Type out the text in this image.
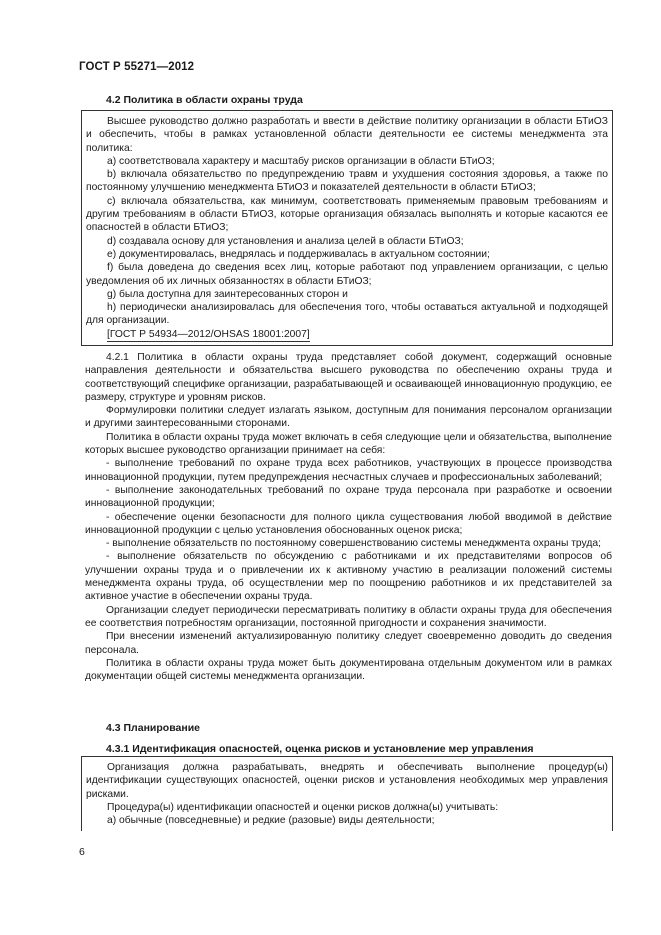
ГОСТ Р 55271—2012
4.2 Политика в области охраны труда

Высшее руководство должно разработать и ввести в действие политику организации в области БТиОЗ и обеспечить, чтобы в рамках установленной области деятельности ее системы менеджмента эта политика:

a) соответствовала характеру и масштабу рисков организации в области БТиОЗ;

b) включала обязательство по предупреждению травм и ухудшения состояния здоровья, а также по постоянному улучшению менеджмента БТиОЗ и показателей деятельности в области БТиОЗ;

c) включала обязательства, как минимум, соответствовать применяемым правовым требованиям и другим требованиям в области БТиОЗ, которые организация обязалась выполнять и которые касаются ее опасностей в области БТиОЗ;

d) создавала основу для установления и анализа целей в области БТиОЗ;

e) документировалась, внедрялась и поддерживалась в актуальном состоянии;

f) была доведена до сведения всех лиц, которые работают под управлением организации, с целью уведомления об их личных обязанностях в области БТиОЗ;

g) была доступна для заинтересованных сторон и

h) периодически анализировалась для обеспечения того, чтобы оставаться актуальной и подходящей для организации.

[ГОСТ Р 54934—2012/OHSAS 18001:2007]

4.2.1 Политика в области охраны труда представляет собой документ, содержащий основные направления деятельности и обязательства высшего руководства по обеспечению охраны труда и соответствующий специфике организации, разрабатывающей и осваивающей инновационную продукцию, ее размеру, структуре и уровням рисков.

Формулировки политики следует излагать языком, доступным для понимания персоналом организации и другими заинтересованными сторонами.

Политика в области охраны труда может включать в себя следующие цели и обязательства, выполнение которых высшее руководство организации принимает на себя:

- выполнение требований по охране труда всех работников, участвующих в процессе производства инновационной продукции, путем предупреждения несчастных случаев и профессиональных заболеваний;

- выполнение законодательных требований по охране труда персонала при разработке и освоении инновационной продукции;

- обеспечение оценки безопасности для полного цикла существования любой вводимой в действие инновационной продукции с целью установления обоснованных оценок риска;

- выполнение обязательств по постоянному совершенствованию системы менеджмента охраны труда;

- выполнение обязательств по обсуждению с работниками и их представителями вопросов об улучшении охраны труда и о привлечении их к активному участию в реализации положений системы менеджмента охраны труда, об осуществлении мер по поощрению работников и их представителей за активное участие в обеспечении охраны труда.

Организации следует периодически пересматривать политику в области охраны труда для обеспечения ее соответствия потребностям организации, постоянной пригодности и сохранения значимости.

При внесении изменений актуализированную политику следует своевременно доводить до сведения персонала.

Политика в области охраны труда может быть документирована отдельным документом или в рамках документации общей системы менеджмента организации.

4.3 Планирование
4.3.1 Идентификация опасностей, оценка рисков и установление мер управления

Организация должна разрабатывать, внедрять и обеспечивать выполнение процедур(ы) идентификации существующих опасностей, оценки рисков и установления необходимых мер управления рисками.

Процедура(ы) идентификации опасностей и оценки рисков должна(ы) учитывать:

a) обычные (повседневные) и редкие (разовые) виды деятельности;

6
